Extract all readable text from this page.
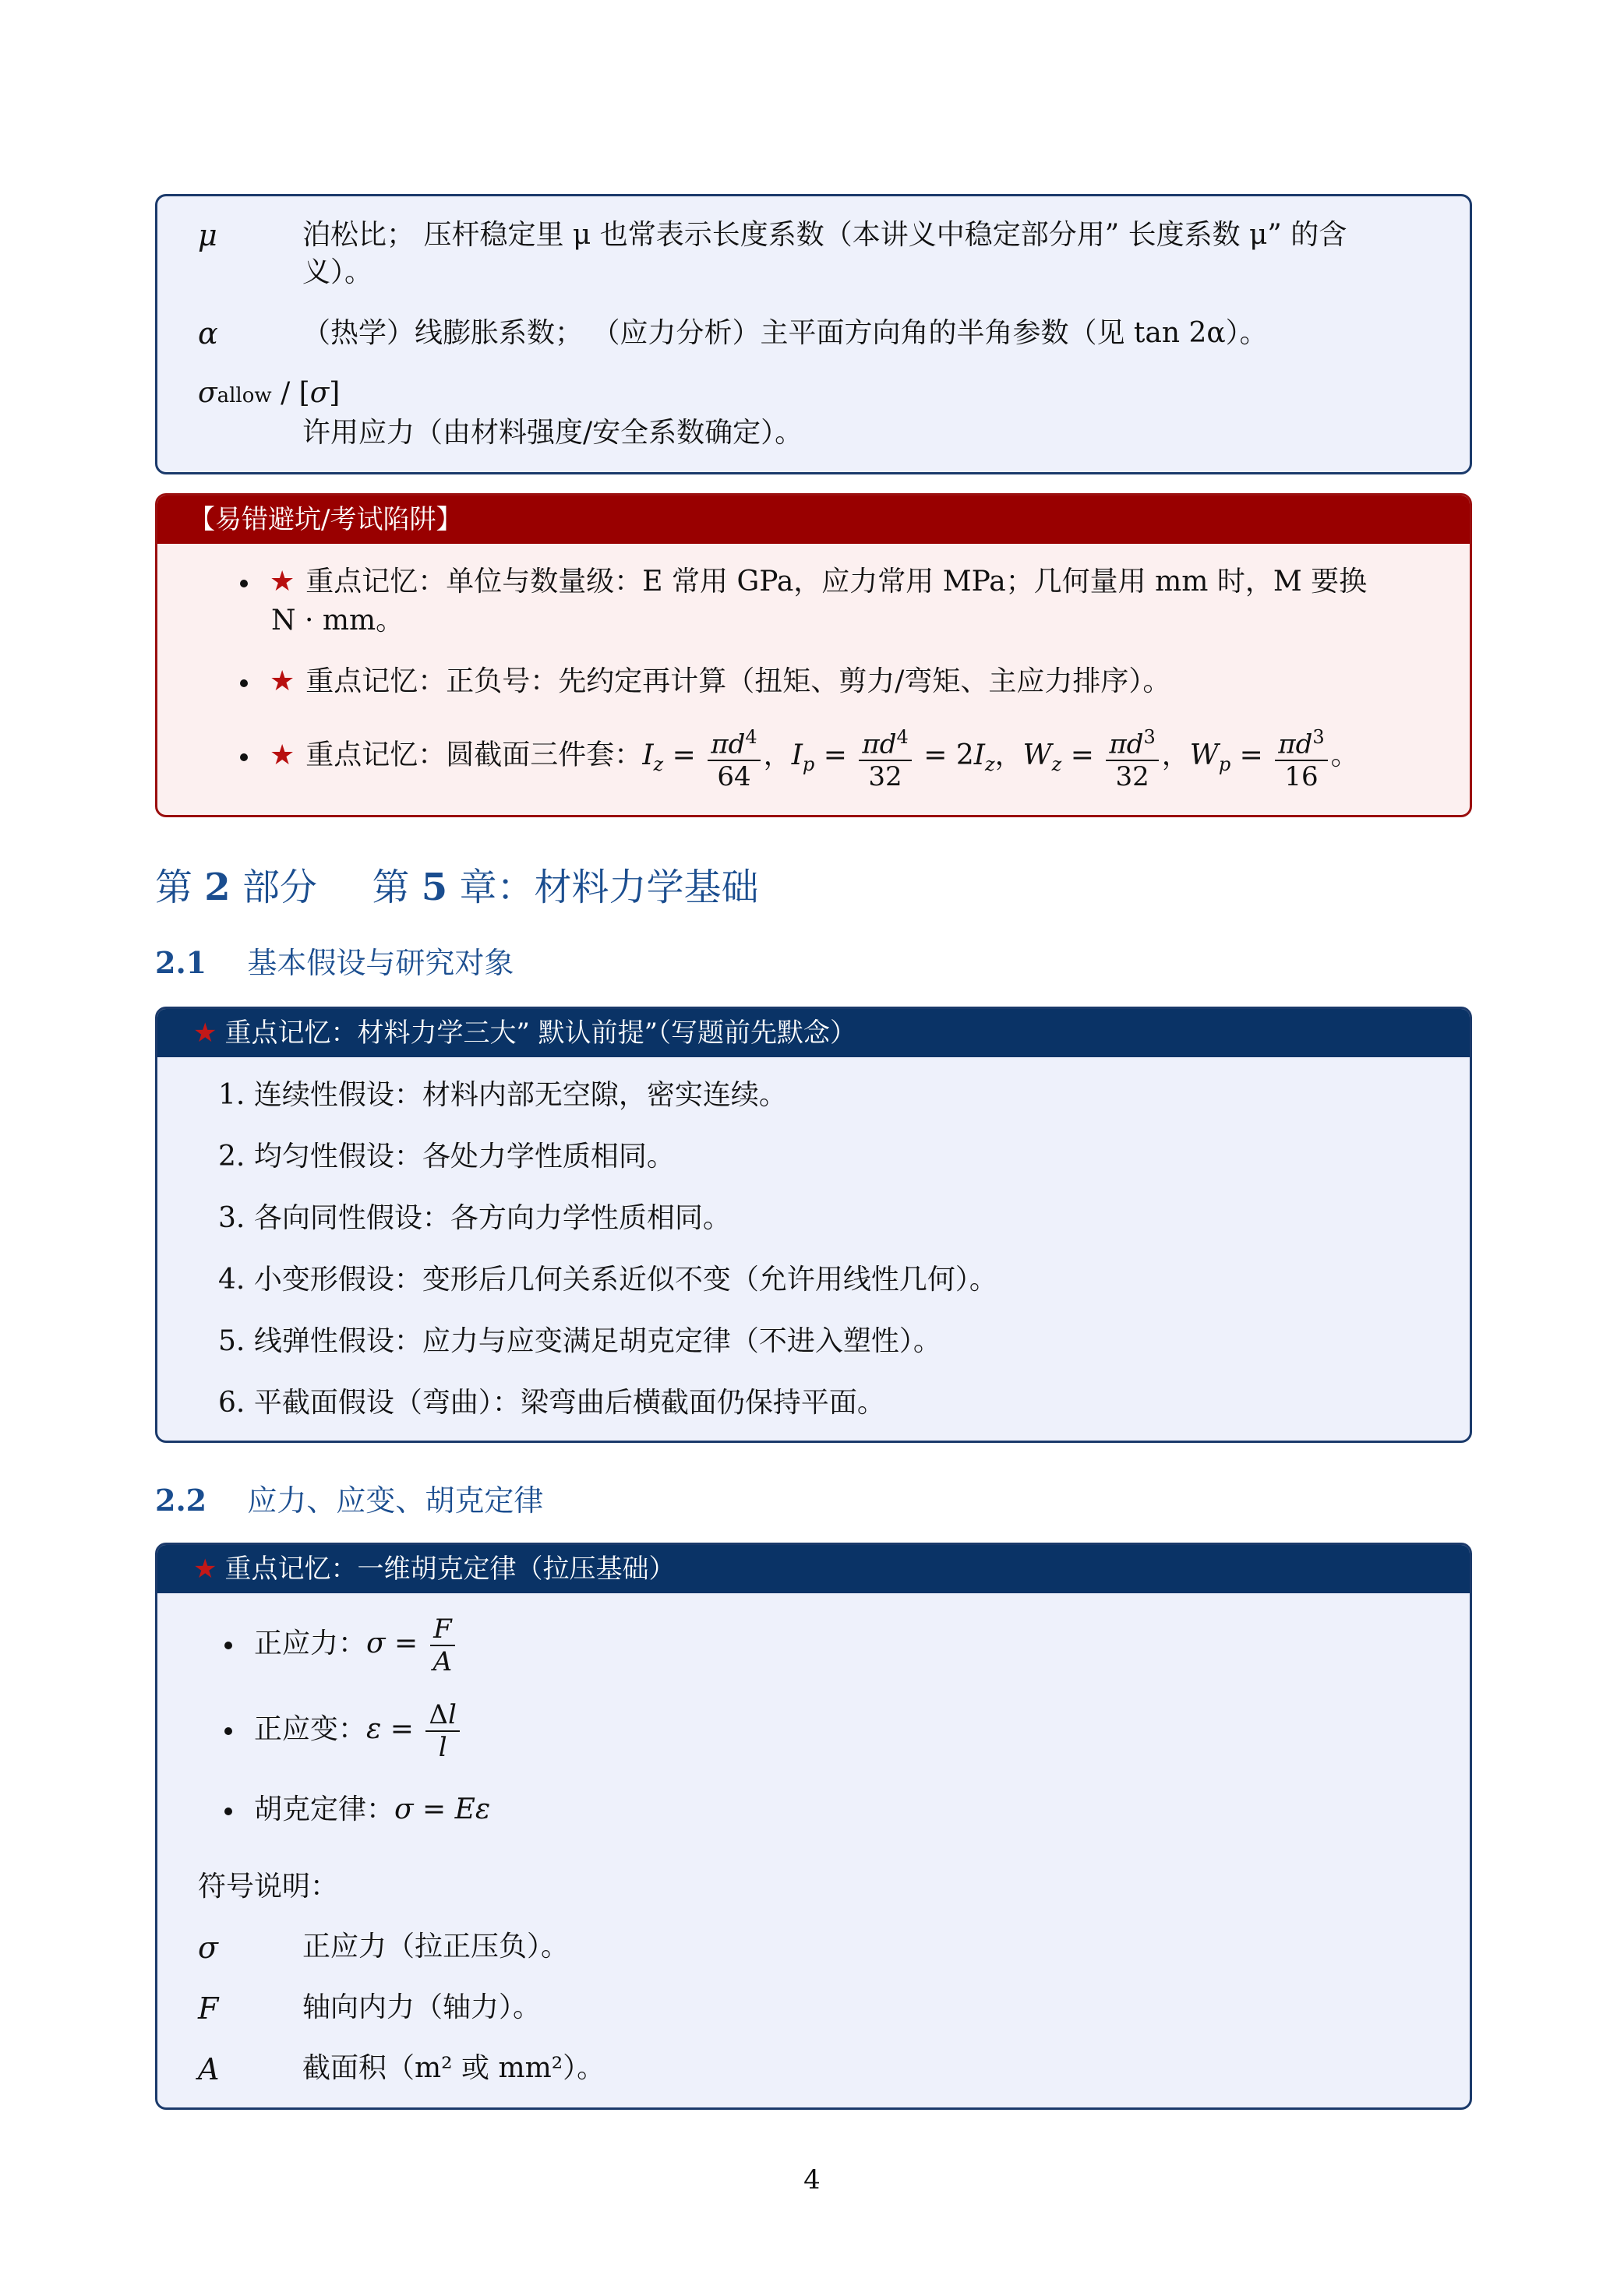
μ	泊松比； 压杆稳定里 μ 也常表示长度系数（本讲义中稳定部分用” 长度系数 μ” 的含
义）。
α	（热学）线膨胀系数； （应力分析）主平面方向角的半角参数（见 tan 2α）。
σallow / [σ]
许用应力（由材料强度/安全系数确定）。
【易错避坑/考试陷阱】
★ 重点记忆：单位与数量级：E 常用 GPa，应力常用 MPa；几何量用 mm 时，M 要换
N · mm。
★ 重点记忆：正负号：先约定再计算（扭矩、剪力/弯矩、主应力排序）。
★ 重点记忆：圆截面三件套：$I_z = \frac{\pi d^4}{64}$ ，$I_p = \frac{\pi d^4}{32} = 2I_z$，$W_z = \frac{\pi d^3}{32}$ ，$W_p = \frac{\pi d^3}{16}$ 。
第 2 部分 第 5 章：材料力学基础
2.1 基本假设与研究对象
★ 重点记忆：材料力学三大” 默认前提”（写题前先默念）
1. 连续性假设：材料内部无空隙，密实连续。
2. 均匀性假设：各处力学性质相同。
3. 各向同性假设：各方向力学性质相同。
4. 小变形假设：变形后几何关系近似不变（允许用线性几何）。
5. 线弹性假设：应力与应变满足胡克定律（不进入塑性）。
6. 平截面假设（弯曲）：梁弯曲后横截面仍保持平面。
2.2 应力、应变、胡克定律
★ 重点记忆：一维胡克定律（拉压基础）
正应力：$\sigma = \frac{F}{A}$
正应变：$\varepsilon = \frac{\Delta l}{l}$
胡克定律：σ = Eε
符号说明：
σ	正应力（拉正压负）。
F	轴向内力（轴力）。
A	截面积（m² 或 mm²）。
4
